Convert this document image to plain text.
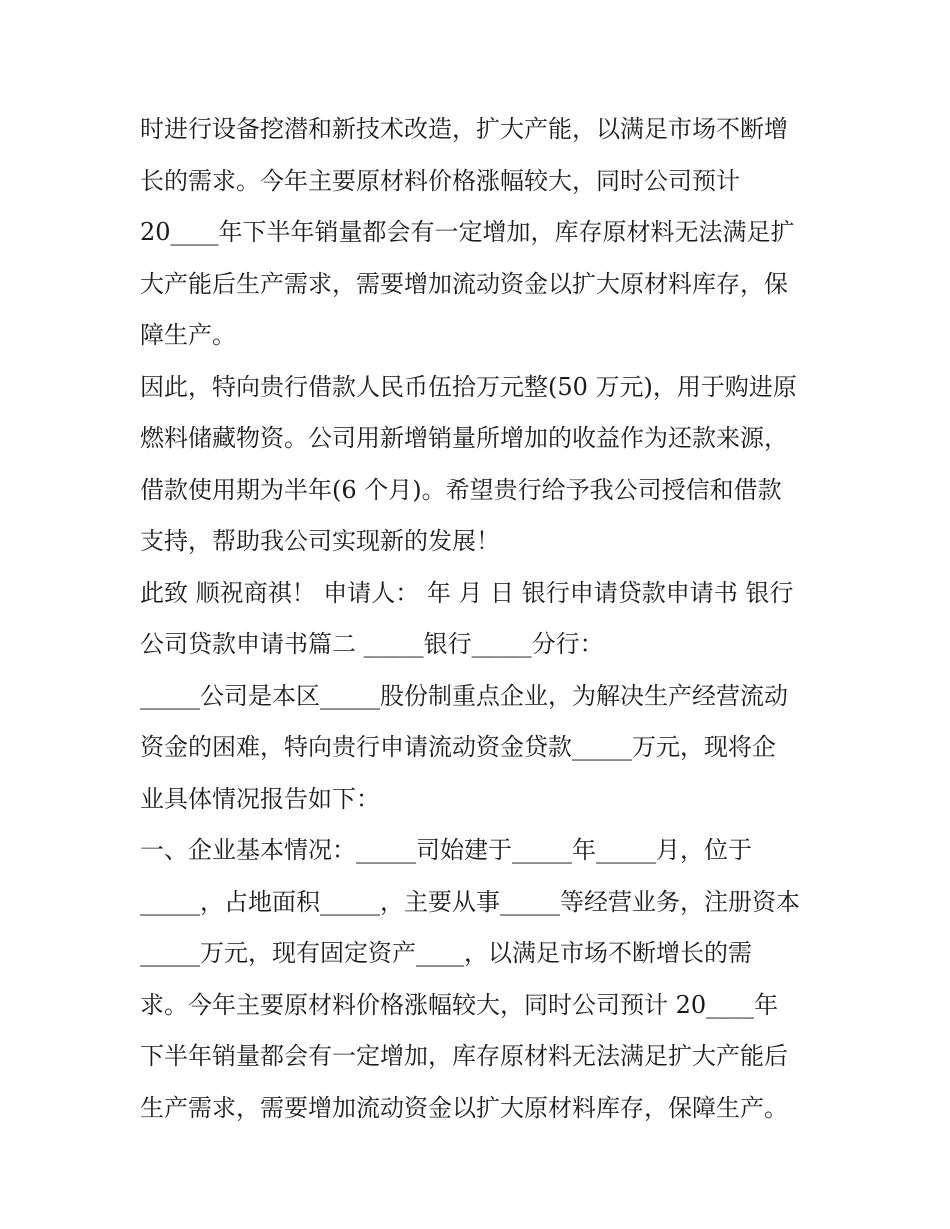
时进行设备挖潜和新技术改造，扩大产能，以满足市场不断增
长的需求。今年主要原材料价格涨幅较大，同时公司预计
20____年下半年销量都会有一定增加，库存原材料无法满足扩
大产能后生产需求，需要增加流动资金以扩大原材料库存，保
障生产。
因此，特向贵行借款人民币伍拾万元整(50 万元)，用于购进原
燃料储藏物资。公司用新增销量所增加的收益作为还款来源，
借款使用期为半年(6 个月)。希望贵行给予我公司授信和借款
支持，帮助我公司实现新的发展！
此致 顺祝商祺！ 申请人： 年 月 日 银行申请贷款申请书 银行
公司贷款申请书篇二 _____银行_____分行：
_____公司是本区_____股份制重点企业，为解决生产经营流动
资金的困难，特向贵行申请流动资金贷款_____万元，现将企
业具体情况报告如下：
一、企业基本情况：_____司始建于_____年_____月，位于
_____，占地面积_____，主要从事_____等经营业务，注册资本
_____万元，现有固定资产____，以满足市场不断增长的需
求。今年主要原材料价格涨幅较大，同时公司预计 20____年
下半年销量都会有一定增加，库存原材料无法满足扩大产能后
生产需求，需要增加流动资金以扩大原材料库存，保障生产。
